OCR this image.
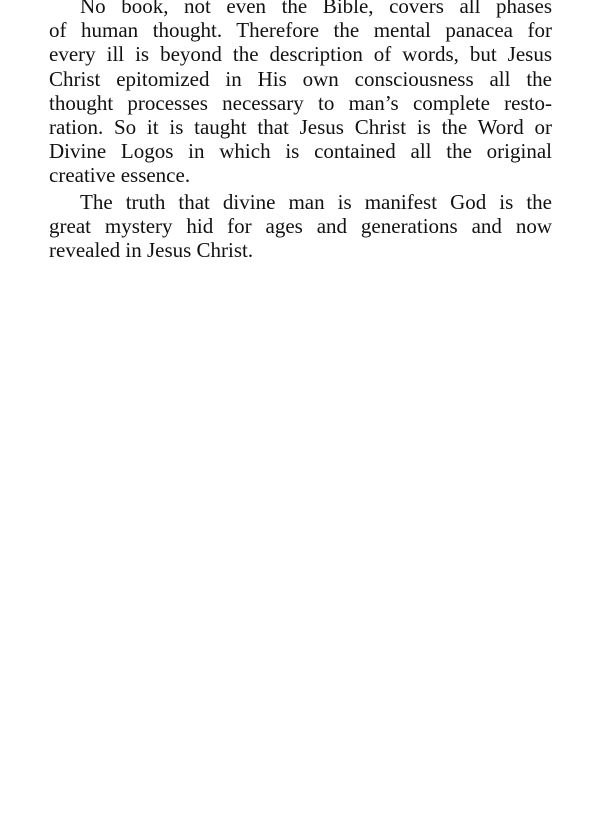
No book, not even the Bible, covers all phases
of human thought. Therefore the mental panacea for
every ill is beyond the description of words, but Jesus
Christ epitomized in His own consciousness all the
thought processes necessary to man’s complete resto-
ration. So it is taught that Jesus Christ is the Word or
Divine Logos in which is contained all the original
creative essence.

The truth that divine man is manifest God is the
great mystery hid for ages and generations and now
revealed in Jesus Christ.
